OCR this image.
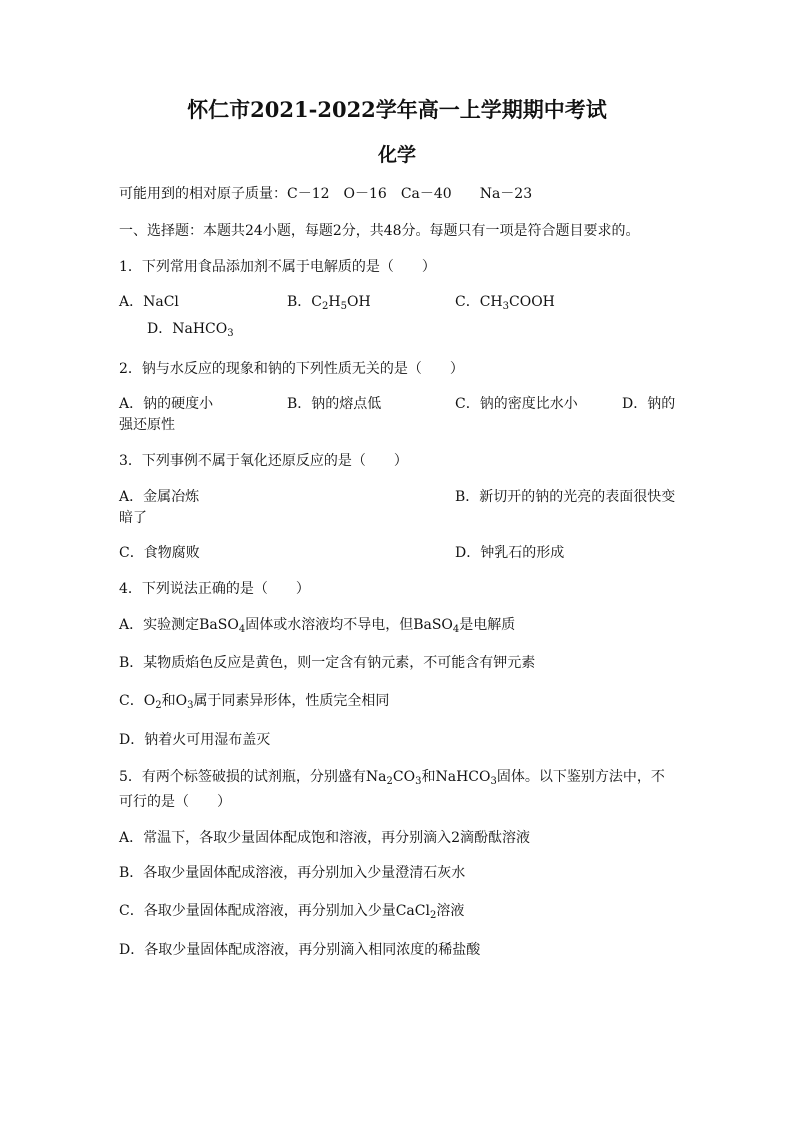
怀仁市2021-2022学年高一上学期期中考试
化学
可能用到的相对原子质量：C－12　O－16　Ca－40　　Na－23
一、选择题：本题共24小题，每题2分，共48分。每题只有一项是符合题目要求的。
1．下列常用食品添加剂不属于电解质的是（　　）
A．NaCl	B．$C_2H_5OH$	C．$CH_3COOH$
D．NaHCO$_3$
2．钠与水反应的现象和钠的下列性质无关的是（　　）
A．钠的硬度小	B．钠的熔点低	C．钠的密度比水小	D．钠的
强还原性
3．下列事例不属于氧化还原反应的是（　　）
A．金属冶炼	B．新切开的钠的光亮的表面很快变
暗了
C．食物腐败	D．钟乳石的形成
4．下列说法正确的是（　　）
A．实验测定BaSO$_4$固体或水溶液均不导电，但BaSO$_4$是电解质
B．某物质焰色反应是黄色，则一定含有钠元素，不可能含有钾元素
C．$O_2$和$O_3$属于同素异形体，性质完全相同
D．钠着火可用湿布盖灭
5．有两个标签破损的试剂瓶，分别盛有$Na_2CO_3$和NaHCO$_3$固体。以下鉴别方法中，不
可行的是（　　）
A．常温下，各取少量固体配成饱和溶液，再分别滴入2滴酚酞溶液
B．各取少量固体配成溶液，再分别加入少量澄清石灰水
C．各取少量固体配成溶液，再分别加入少量CaCl$_2$溶液
D．各取少量固体配成溶液，再分别滴入相同浓度的稀盐酸
